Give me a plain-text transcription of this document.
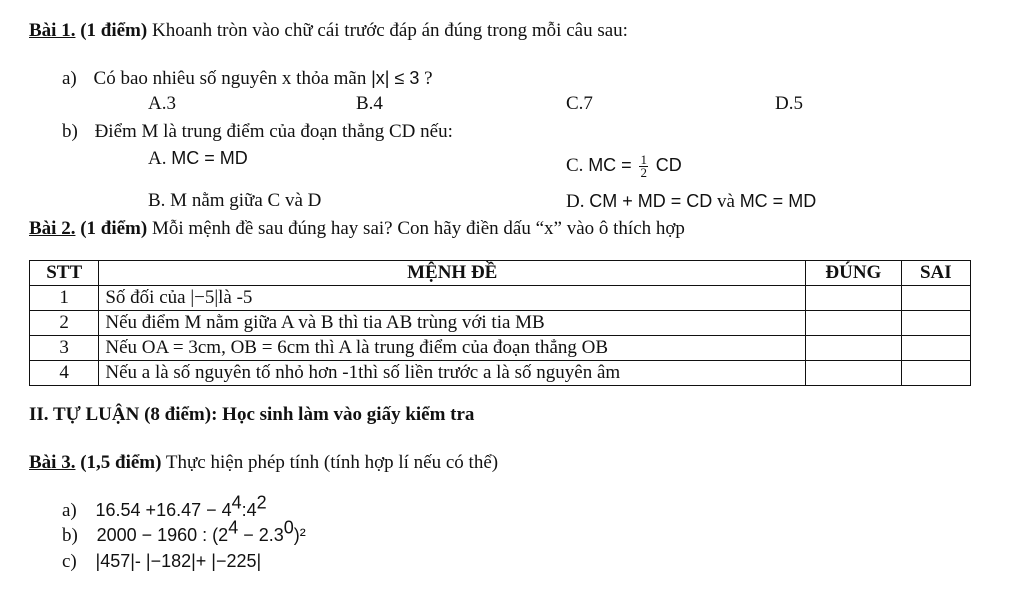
Bài 1. (1 điểm) Khoanh tròn vào chữ cái trước đáp án đúng trong mỗi câu sau:
a) Có bao nhiêu số nguyên x thỏa mãn |x| ≤ 3 ?
A.3	B.4	C.7	D.5
b) Điểm M là trung điểm của đoạn thẳng CD nếu:
A. MC = MD	C. MC = $\frac{1}{2}$ CD
B. M nằm giữa C và D	D. CM + MD = CD và MC = MD
Bài 2. (1 điểm) Mỗi mệnh đề sau đúng hay sai? Con hãy điền dấu “x” vào ô thích hợp
STT	MỆNH ĐỀ	ĐÚNG	SAI
1	Số đối của |−5|là -5		
2	Nếu điểm M nằm giữa A và B thì tia AB trùng với tia MB		
3	Nếu OA = 3cm, OB = 6cm thì A là trung điểm của đoạn thẳng OB		
4	Nếu a là số nguyên tố nhỏ hơn -1thì số liền trước a là số nguyên âm		
II. TỰ LUẬN (8 điểm): Học sinh làm vào giấy kiểm tra
Bài 3. (1,5 điểm) Thực hiện phép tính (tính hợp lí nếu có thể)
a) $16.54 +16.47 - 4^4:4^2$
b) 2000 − 1960 : $(2^4 - 2.3^0)^2$
c) |457|- |−182|+ |−225|
